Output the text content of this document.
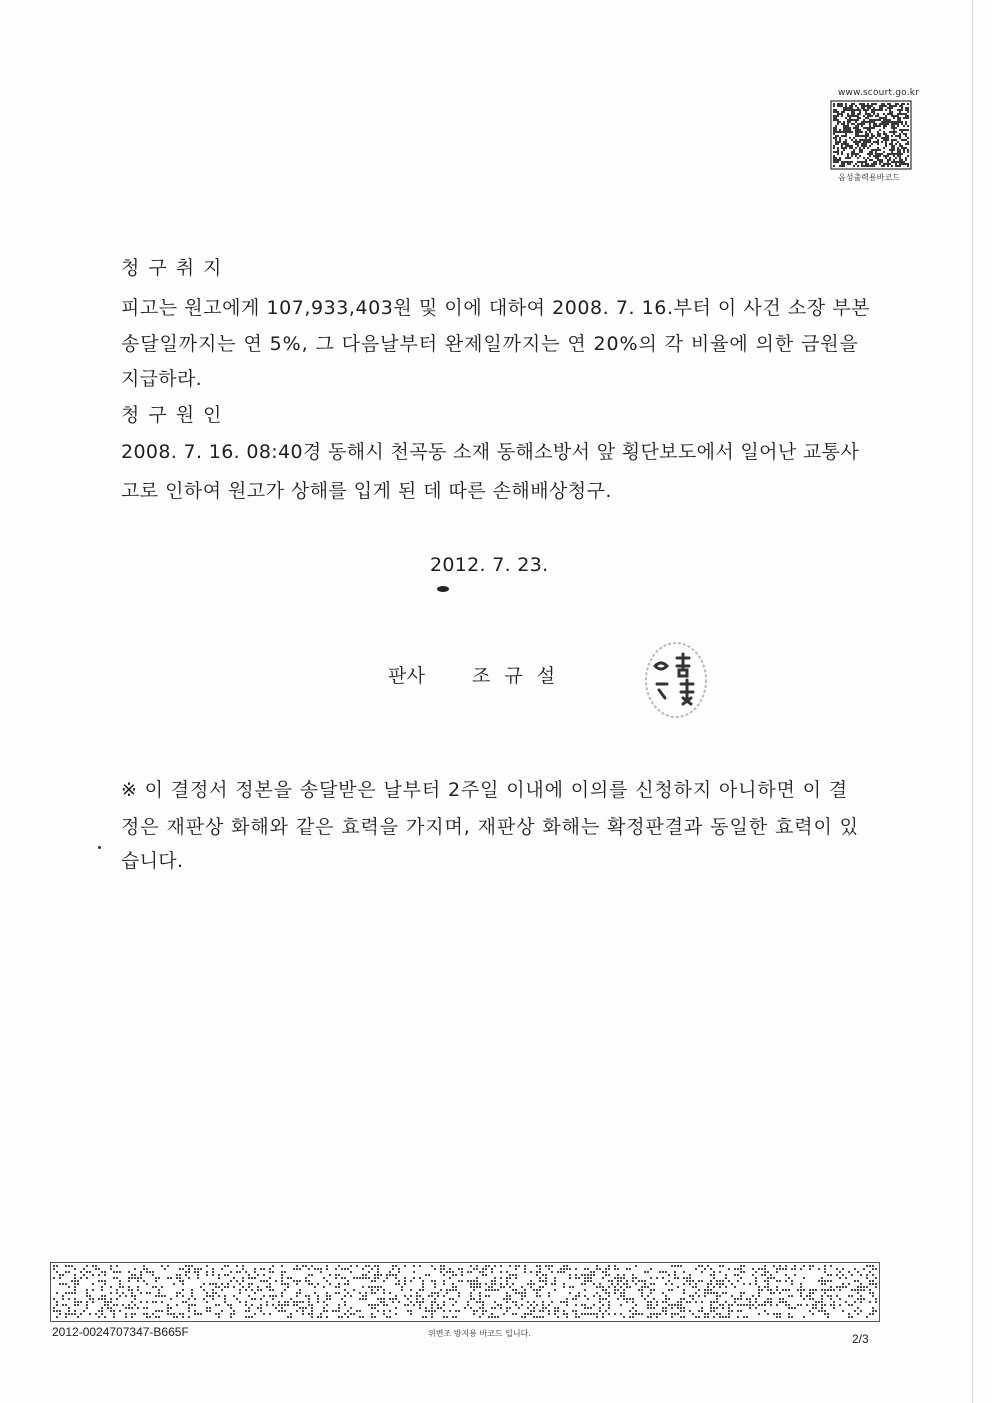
www.scourt.go.kr
음성출력용바코드
청구취지
피고는 원고에게 107,933,403원 및 이에 대하여 2008. 7. 16.부터 이 사건 소장 부본
송달일까지는 연 5%, 그 다음날부터 완제일까지는 연 20%의 각 비율에 의한 금원을
지급하라.
청구원인
2008. 7. 16. 08:40경 동해시 천곡동 소재 동해소방서 앞 횡단보도에서 일어난 교통사
고로 인하여 원고가 상해를 입게 된 데 따른 손해배상청구.
2012. 7. 23.
판사 조규설
※ 이 결정서 정본을 송달받은 날부터 2주일 이내에 이의를 신청하지 아니하면 이 결
정은 재판상 화해와 같은 효력을 가지며, 재판상 화해는 확정판결과 동일한 효력이 있
습니다.
2012-0024707347-B665F	위변조 방지용 바코드 입니다.	2/3
